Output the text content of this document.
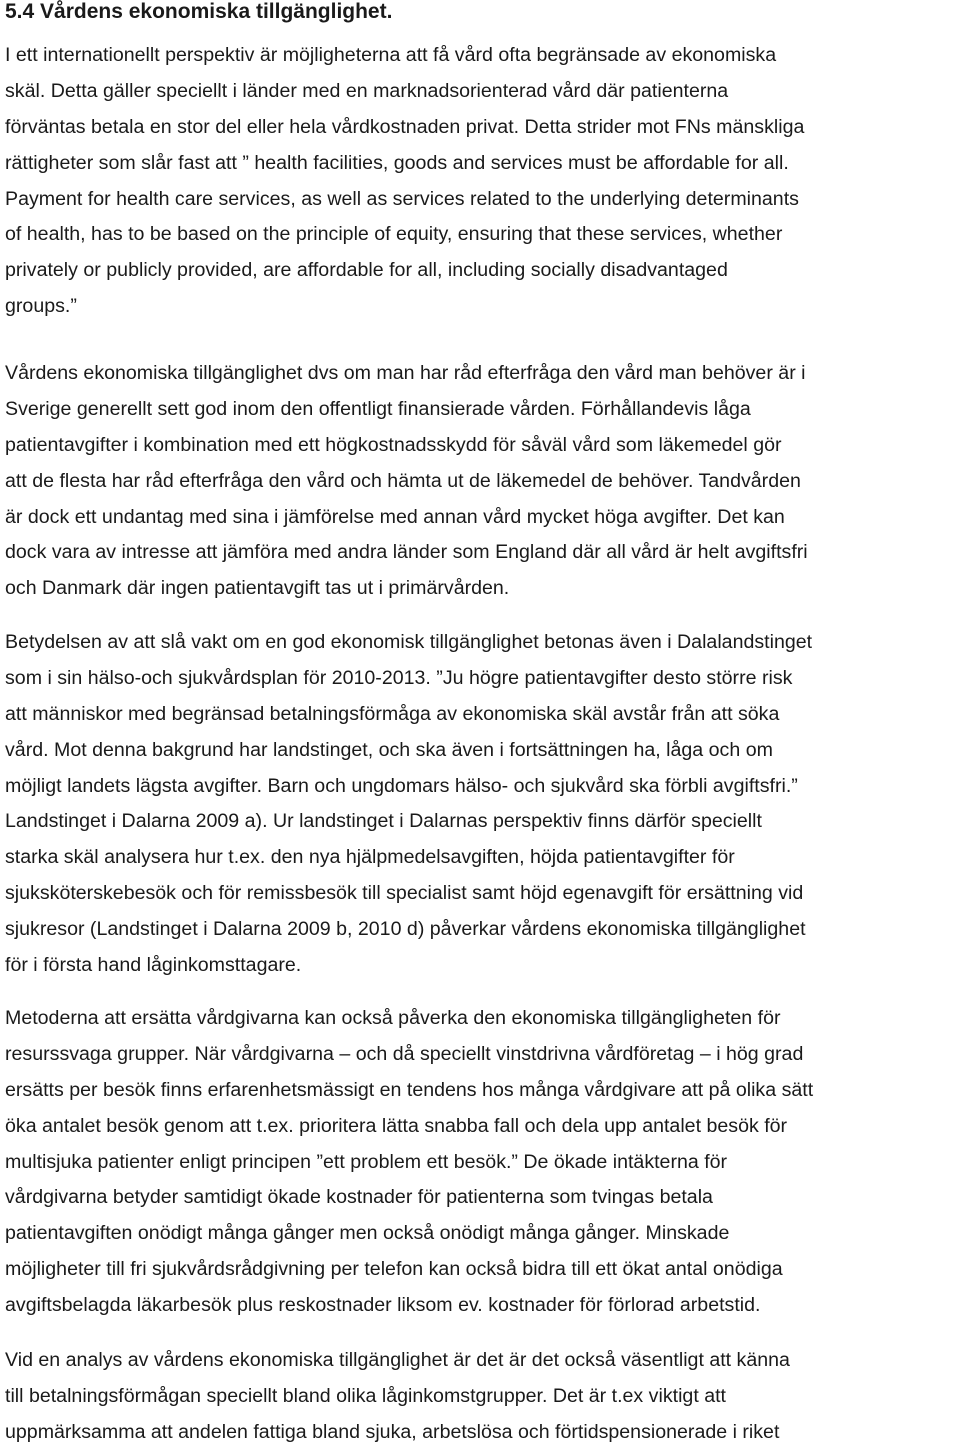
5.4 Vårdens ekonomiska tillgänglighet.
I ett internationellt perspektiv är möjligheterna att få vård ofta begränsade av ekonomiska
skäl. Detta gäller speciellt i länder med en marknadsorienterad vård där patienterna
förväntas betala en stor del eller hela vårdkostnaden privat. Detta strider mot FNs mänskliga
rättigheter som slår fast att ” health facilities, goods and services must be affordable for all.
Payment for health care services, as well as services related to the underlying determinants
of health, has to be based on the principle of equity, ensuring that these services, whether
privately or publicly provided, are affordable for all, including socially disadvantaged
groups.”
Vårdens ekonomiska tillgänglighet dvs om man har råd efterfråga den vård man behöver är i
Sverige generellt sett god inom den offentligt finansierade vården. Förhållandevis låga
patientavgifter i kombination med ett högkostnadsskydd för såväl vård som läkemedel gör
att de flesta har råd efterfråga den vård och hämta ut de läkemedel de behöver. Tandvården
är dock ett undantag med sina i jämförelse med annan vård mycket höga avgifter. Det kan
dock vara av intresse att jämföra med andra länder som England där all vård är helt avgiftsfri
och Danmark där ingen patientavgift tas ut i primärvården.
Betydelsen av att slå vakt om en god ekonomisk tillgänglighet betonas även i Dalalandstinget
som i sin hälso-och sjukvårdsplan för 2010-2013. ”Ju högre patientavgifter desto större risk
att människor med begränsad betalningsförmåga av ekonomiska skäl avstår från att söka
vård. Mot denna bakgrund har landstinget, och ska även i fortsättningen ha, låga och om
möjligt landets lägsta avgifter. Barn och ungdomars hälso- och sjukvård ska förbli avgiftsfri.”
Landstinget i Dalarna 2009 a). Ur landstinget i Dalarnas perspektiv finns därför speciellt
starka skäl analysera hur t.ex. den nya hjälpmedelsavgiften, höjda patientavgifter för
sjuksköterskebesök och för remissbesök till specialist samt höjd egenavgift för ersättning vid
sjukresor (Landstinget i Dalarna 2009 b, 2010 d) påverkar vårdens ekonomiska tillgänglighet
för i första hand låginkomsttagare.
Metoderna att ersätta vårdgivarna kan också påverka den ekonomiska tillgängligheten för
resurssvaga grupper. När vårdgivarna – och då speciellt vinstdrivna vårdföretag – i hög grad
ersätts per besök finns erfarenhetsmässigt en tendens hos många vårdgivare att på olika sätt
öka antalet besök genom att t.ex. prioritera lätta snabba fall och dela upp antalet besök för
multisjuka patienter enligt principen ”ett problem ett besök.” De ökade intäkterna för
vårdgivarna betyder samtidigt ökade kostnader för patienterna som tvingas betala
patientavgiften onödigt många gånger men också onödigt många gånger. Minskade
möjligheter till fri sjukvårdsrådgivning per telefon kan också bidra till ett ökat antal onödiga
avgiftsbelagda läkarbesök plus reskostnader liksom ev. kostnader för förlorad arbetstid.
Vid en analys av vårdens ekonomiska tillgänglighet är det är det också väsentligt att känna
till betalningsförmågan speciellt bland olika låginkomstgrupper. Det är t.ex viktigt att
uppmärksamma att andelen fattiga bland sjuka, arbetslösa och förtidspensionerade i riket
